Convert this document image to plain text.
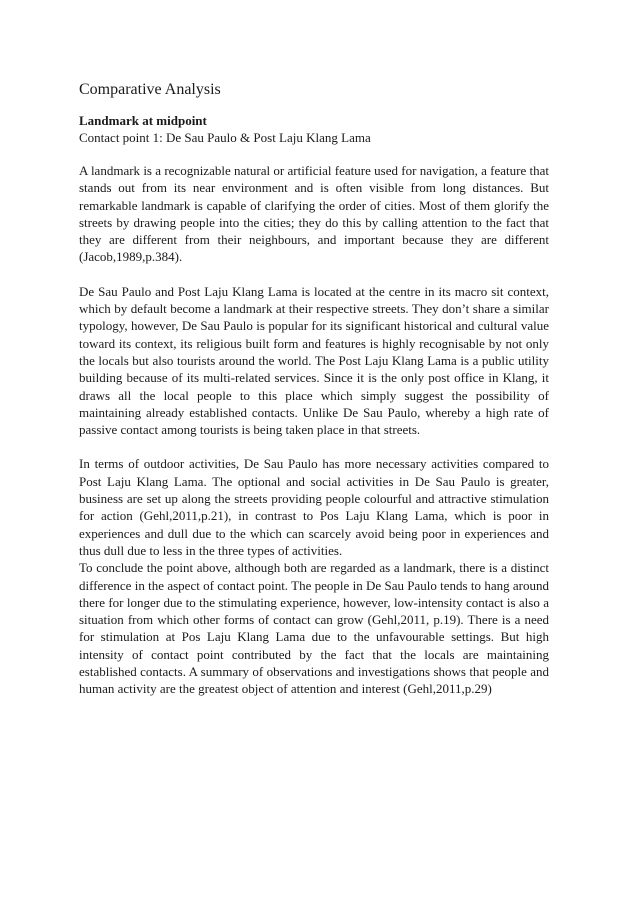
Comparative Analysis
Landmark at midpoint

Contact point 1: De Sau Paulo & Post Laju Klang Lama

A landmark is a recognizable natural or artificial feature used for navigation, a feature that stands out from its near environment and is often visible from long distances. But remarkable landmark is capable of clarifying the order of cities. Most of them glorify the streets by drawing people into the cities; they do this by calling attention to the fact that they are different from their neighbours, and important because they are different (Jacob,1989,p.384).

De Sau Paulo and Post Laju Klang Lama is located at the centre in its macro sit context, which by default become a landmark at their respective streets. They don’t share a similar typology, however, De Sau Paulo is popular for its significant historical and cultural value toward its context, its religious built form and features is highly recognisable by not only the locals but also tourists around the world. The Post Laju Klang Lama is a public utility building because of its multi-related services. Since it is the only post office in Klang, it draws all the local people to this place which simply suggest the possibility of maintaining already established contacts. Unlike De Sau Paulo, whereby a high rate of passive contact among tourists is being taken place in that streets.

In terms of outdoor activities, De Sau Paulo has more necessary activities compared to Post Laju Klang Lama. The optional and social activities in De Sau Paulo is greater, business are set up along the streets providing people colourful and attractive stimulation for action (Gehl,2011,p.21), in contrast to Pos Laju Klang Lama, which is poor in experiences and dull due to the which can scarcely avoid being poor in experiences and thus dull due to less in the three types of activities.

To conclude the point above, although both are regarded as a landmark, there is a distinct difference in the aspect of contact point. The people in De Sau Paulo tends to hang around there for longer due to the stimulating experience, however, low-intensity contact is also a situation from which other forms of contact can grow (Gehl,2011, p.19). There is a need for stimulation at Pos Laju Klang Lama due to the unfavourable settings. But high intensity of contact point contributed by the fact that the locals are maintaining established contacts. A summary of observations and investigations shows that people and human activity are the greatest object of attention and interest (Gehl,2011,p.29)
